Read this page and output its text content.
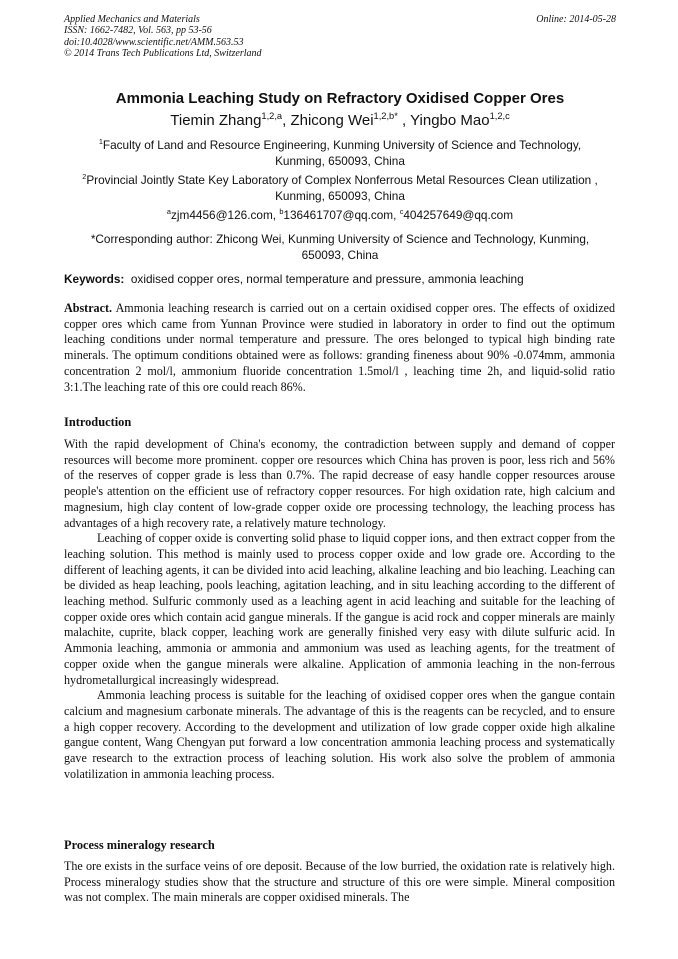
Applied Mechanics and Materials	Online: 2014-05-28
ISSN: 1662-7482, Vol. 563, pp 53-56
doi:10.4028/www.scientific.net/AMM.563.53
© 2014 Trans Tech Publications Ltd, Switzerland
Ammonia Leaching Study on Refractory Oxidised Copper Ores
Tiemin Zhang$^{1,2,a}$, Zhicong Wei$^{1,2,b*}$ , Yingbo Mao$^{1,2,c}$
$^1$Faculty of Land and Resource Engineering, Kunming University of Science and Technology,
Kunming, 650093, China
$^2$Provincial Jointly State Key Laboratory of Complex Nonferrous Metal Resources Clean utilization ,
Kunming, 650093, China
$^a$zjm4456@126.com, $^b$136461707@qq.com, $^c$404257649@qq.com
*Corresponding author: Zhicong Wei, Kunming University of Science and Technology, Kunming,
650093, China
Keywords: oxidised copper ores, normal temperature and pressure, ammonia leaching

Abstract. Ammonia leaching research is carried out on a certain oxidised copper ores. The effects of oxidized copper ores which came from Yunnan Province were studied in laboratory in order to find out the optimum leaching conditions under normal temperature and pressure. The ores belonged to typical high binding rate minerals. The optimum conditions obtained were as follows: granding fineness about 90% -0.074mm, ammonia concentration 2 mol/l, ammonium fluoride concentration 1.5mol/l , leaching time 2h, and liquid-solid ratio 3:1.The leaching rate of this ore could reach 86%.

Introduction

With the rapid development of China's economy, the contradiction between supply and demand of copper resources will become more prominent. copper ore resources which China has proven is poor, less rich and 56% of the reserves of copper grade is less than 0.7%. The rapid decrease of easy handle copper resources arouse people's attention on the efficient use of refractory copper resources. For high oxidation rate, high calcium and magnesium, high clay content of low-grade copper oxide ore processing technology, the leaching process has advantages of a high recovery rate, a relatively mature technology.

Leaching of copper oxide is converting solid phase to liquid copper ions, and then extract copper from the leaching solution. This method is mainly used to process copper oxide and low grade ore. According to the different of leaching agents, it can be divided into acid leaching, alkaline leaching and bio leaching. Leaching can be divided as heap leaching, pools leaching, agitation leaching, and in situ leaching according to the different of leaching method. Sulfuric commonly used as a leaching agent in acid leaching and suitable for the leaching of copper oxide ores which contain acid gangue minerals. If the gangue is acid rock and copper minerals are mainly malachite, cuprite, black copper, leaching work are generally finished very easy with dilute sulfuric acid. In Ammonia leaching, ammonia or ammonia and ammonium was used as leaching agents, for the treatment of copper oxide when the gangue minerals were alkaline. Application of ammonia leaching in the non-ferrous hydrometallurgical increasingly widespread.

Ammonia leaching process is suitable for the leaching of oxidised copper ores when the gangue contain calcium and magnesium carbonate minerals. The advantage of this is the reagents can be recycled, and to ensure a high copper recovery. According to the development and utilization of low grade copper oxide high alkaline gangue content, Wang Chengyan put forward a low concentration ammonia leaching process and systematically gave research to the extraction process of leaching solution. His work also solve the problem of ammonia volatilization in ammonia leaching process.

Process mineralogy research

The ore exists in the surface veins of ore deposit. Because of the low burried, the oxidation rate is relatively high. Process mineralogy studies show that the structure and structure of this ore were simple. Mineral composition was not complex. The main minerals are copper oxidised minerals. The
